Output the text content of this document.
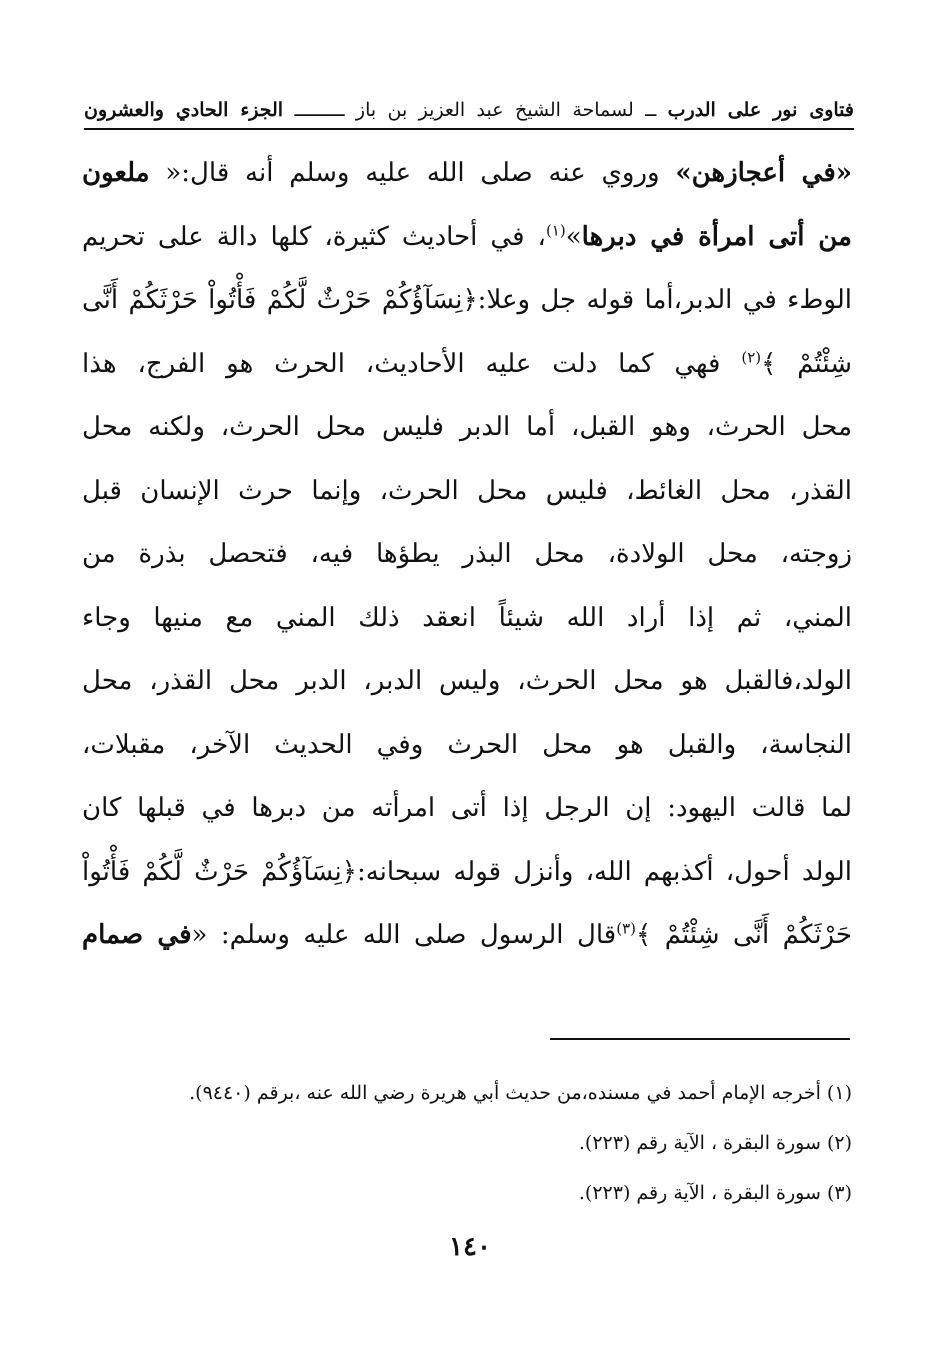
فتاوى نور على الدرب ــ لسماحة الشيخ عبد العزيز بن باز ـــــــــ الجزء الحادي والعشرون
«في أعجازهن» وروي عنه صلى الله عليه وسلم أنه قال:« ملعون
من أتى امرأة في دبرها»$^{(١)}$، في أحاديث كثيرة، كلها دالة على تحريم
الوطء في الدبر،أما قوله جل وعلا:﴿نِسَآؤُكُمْ حَرْثٌ لَّكُمْ فَأْتُواْ حَرْثَكُمْ أَنَّى
شِئْتُمْ ﴾$^{(٢)}$ فهي كما دلت عليه الأحاديث، الحرث هو الفرج، هذا
محل الحرث، وهو القبل، أما الدبر فليس محل الحرث، ولكنه محل
القذر، محل الغائط، فليس محل الحرث، وإنما حرث الإنسان قبل
زوجته، محل الولادة، محل البذر يطؤها فيه، فتحصل بذرة من
المني، ثم إذا أراد الله شيئاً انعقد ذلك المني مع منيها وجاء
الولد،فالقبل هو محل الحرث، وليس الدبر، الدبر محل القذر، محل
النجاسة، والقبل هو محل الحرث وفي الحديث الآخر، مقبلات،
لما قالت اليهود: إن الرجل إذا أتى امرأته من دبرها في قبلها كان
الولد أحول، أكذبهم الله، وأنزل قوله سبحانه:﴿نِسَآؤُكُمْ حَرْثٌ لَّكُمْ فَأْتُواْ
حَرْثَكُمْ أَنَّى شِئْتُمْ ﴾$^{(٣)}$قال الرسول صلى الله عليه وسلم: «في صمام
(١) أخرجه الإمام أحمد في مسنده،من حديث أبي هريرة رضي الله عنه ،برقم (٩٤٤٠).
(٢) سورة البقرة ، الآية رقم (٢٢٣).
(٣) سورة البقرة ، الآية رقم (٢٢٣).
١٤٠
